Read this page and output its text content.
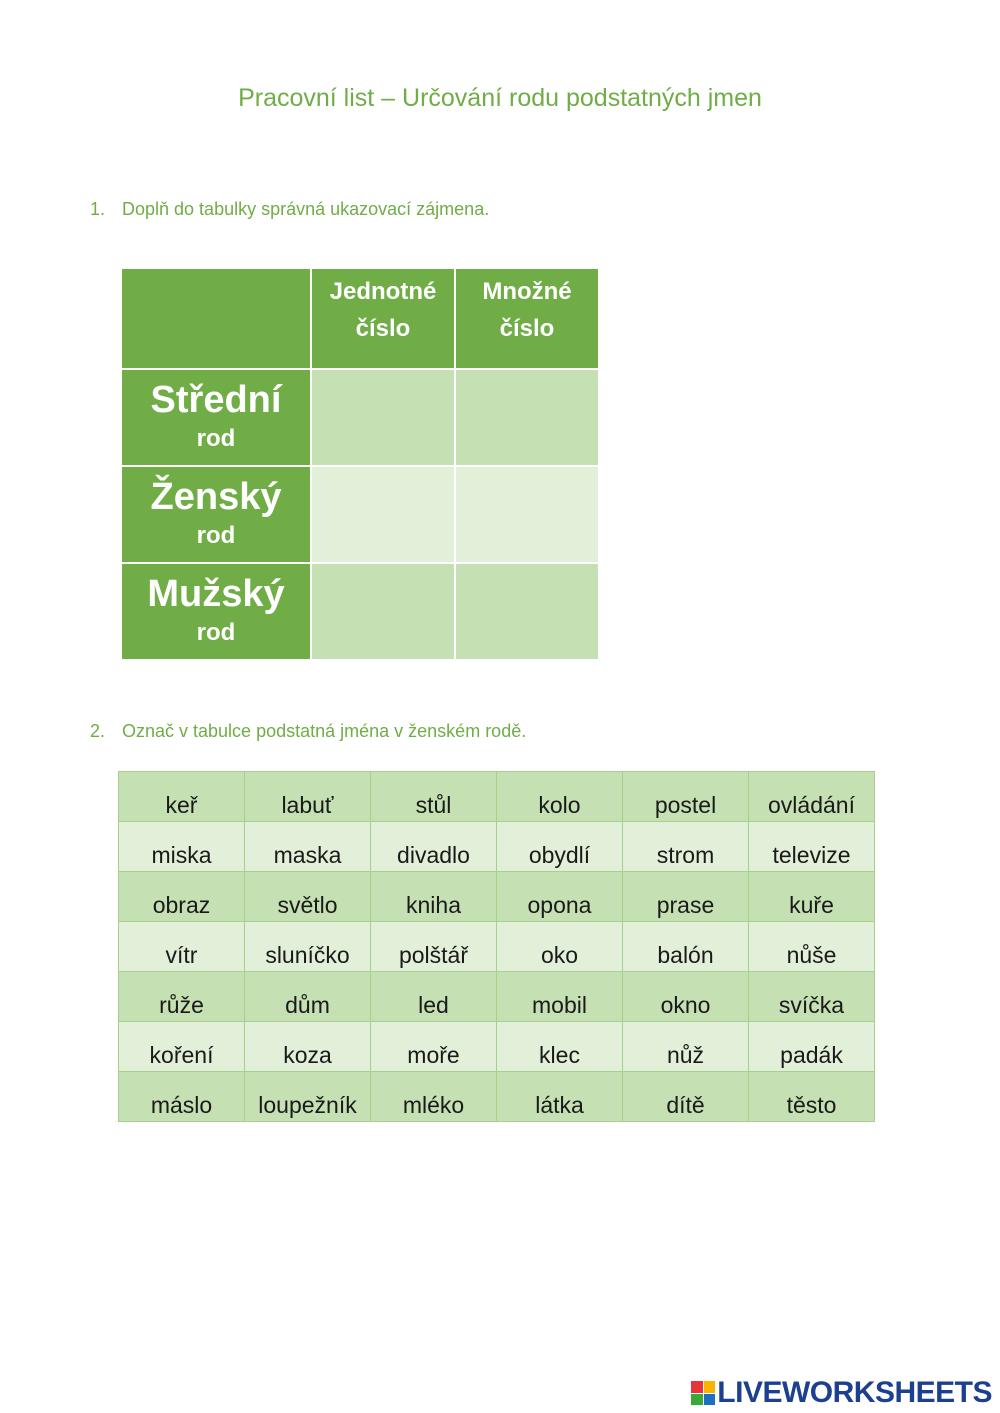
Pracovní list – Určování rodu podstatných jmen
1. Doplň do tabulky správná ukazovací zájmena.
	Jednotné číslo	Množné číslo

Střední
rod		

Ženský
rod		

Mužský
rod		

2. Označ v tabulce podstatná jména v ženském rodě.
keř	labuť	stůl	kolo	postel	ovládání
miska	maska	divadlo	obydlí	strom	televize
obraz	světlo	kniha	opona	prase	kuře
vítr	sluníčko	polštář	oko	balón	nůše
růže	dům	led	mobil	okno	svíčka
koření	koza	moře	klec	nůž	padák
máslo	loupežník	mléko	látka	dítě	těsto
LIVEWORKSHEETS
